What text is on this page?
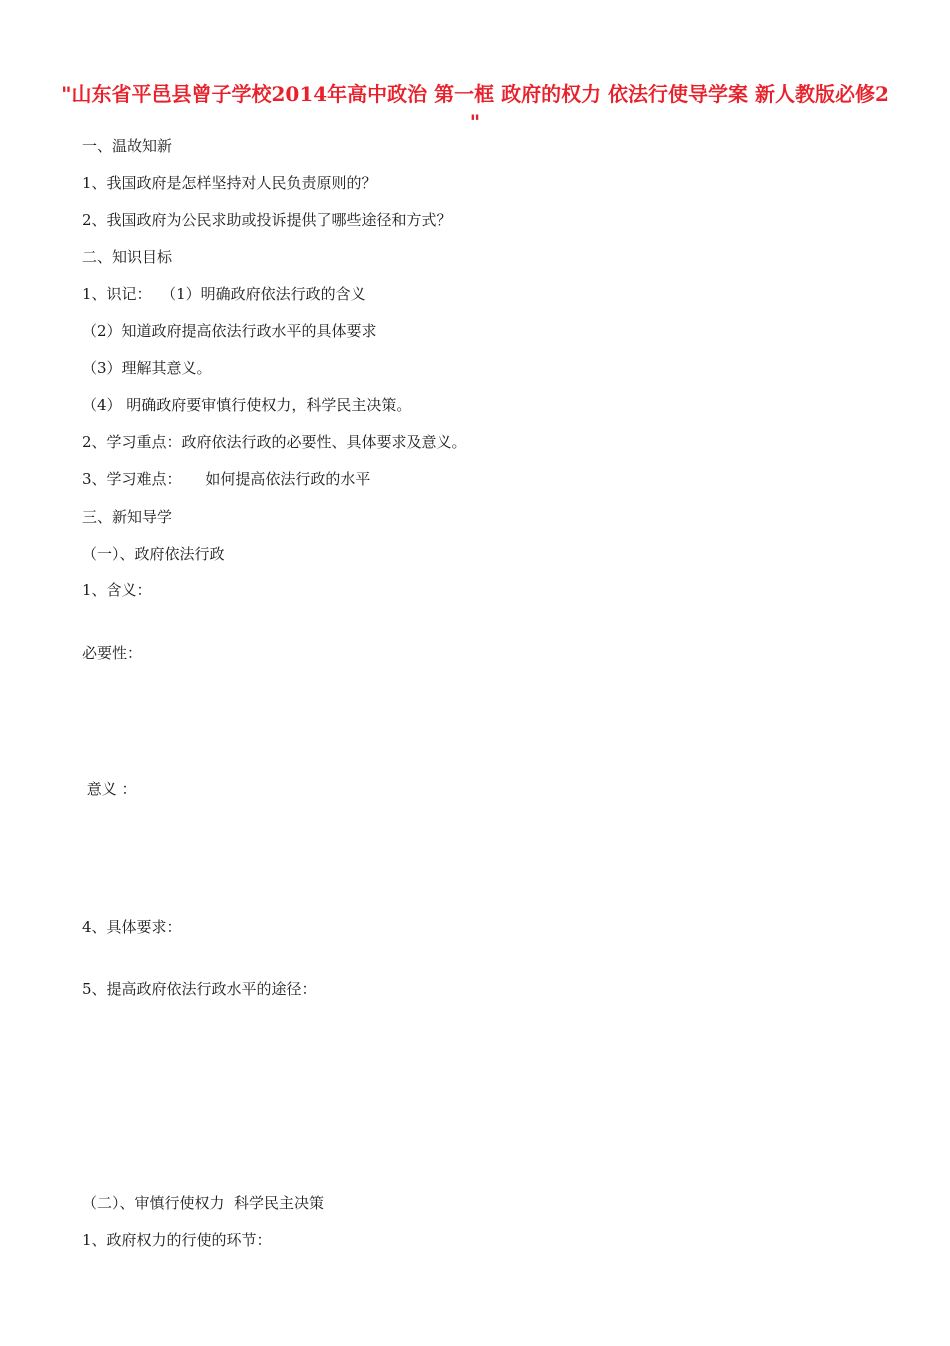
"山东省平邑县曾子学校2014年高中政治 第一框 政府的权力 依法行使导学案 新人教版必修2 "
一、温故知新
1、我国政府是怎样坚持对人民负责原则的？
2、我国政府为公民求助或投诉提供了哪些途径和方式？
二、知识目标
1、识记：  （1）明确政府依法行政的含义
（2）知道政府提高依法行政水平的具体要求
（3）理解其意义。
（4） 明确政府要审慎行使权力，科学民主决策。
2、学习重点：政府依法行政的必要性、具体要求及意义。
3、学习难点：     如何提高依法行政的水平
三、新知导学
（一）、政府依法行政
1、含义：
必要性：
意义 ：
4、具体要求：
5、提高政府依法行政水平的途径：
（二）、审慎行使权力  科学民主决策
1、政府权力的行使的环节：
